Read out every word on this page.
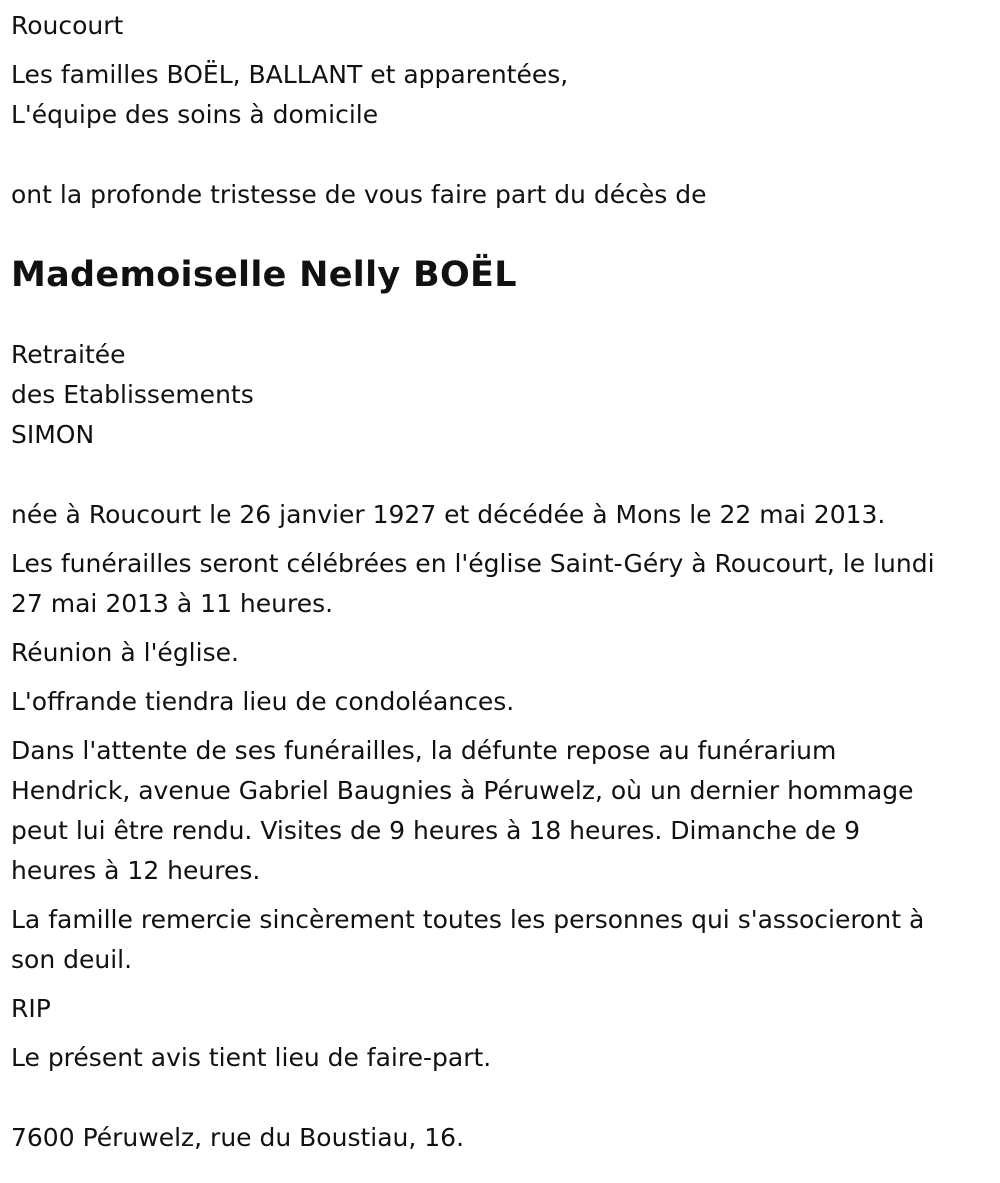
Roucourt
Les familles BOËL, BALLANT et apparentées,
L'équipe des soins à domicile
ont la profonde tristesse de vous faire part du décès de
Mademoiselle Nelly BOËL
Retraitée
des Etablissements
SIMON
née à Roucourt le 26 janvier 1927 et décédée à Mons le 22 mai 2013.
Les funérailles seront célébrées en l'église Saint-Géry à Roucourt, le lundi
27 mai 2013 à 11 heures.
Réunion à l'église.
L'offrande tiendra lieu de condoléances.
Dans l'attente de ses funérailles, la défunte repose au funérarium
Hendrick, avenue Gabriel Baugnies à Péruwelz, où un dernier hommage
peut lui être rendu. Visites de 9 heures à 18 heures. Dimanche de 9
heures à 12 heures.
La famille remercie sincèrement toutes les personnes qui s'associeront à
son deuil.
RIP
Le présent avis tient lieu de faire-part.
7600 Péruwelz, rue du Boustiau, 16.
